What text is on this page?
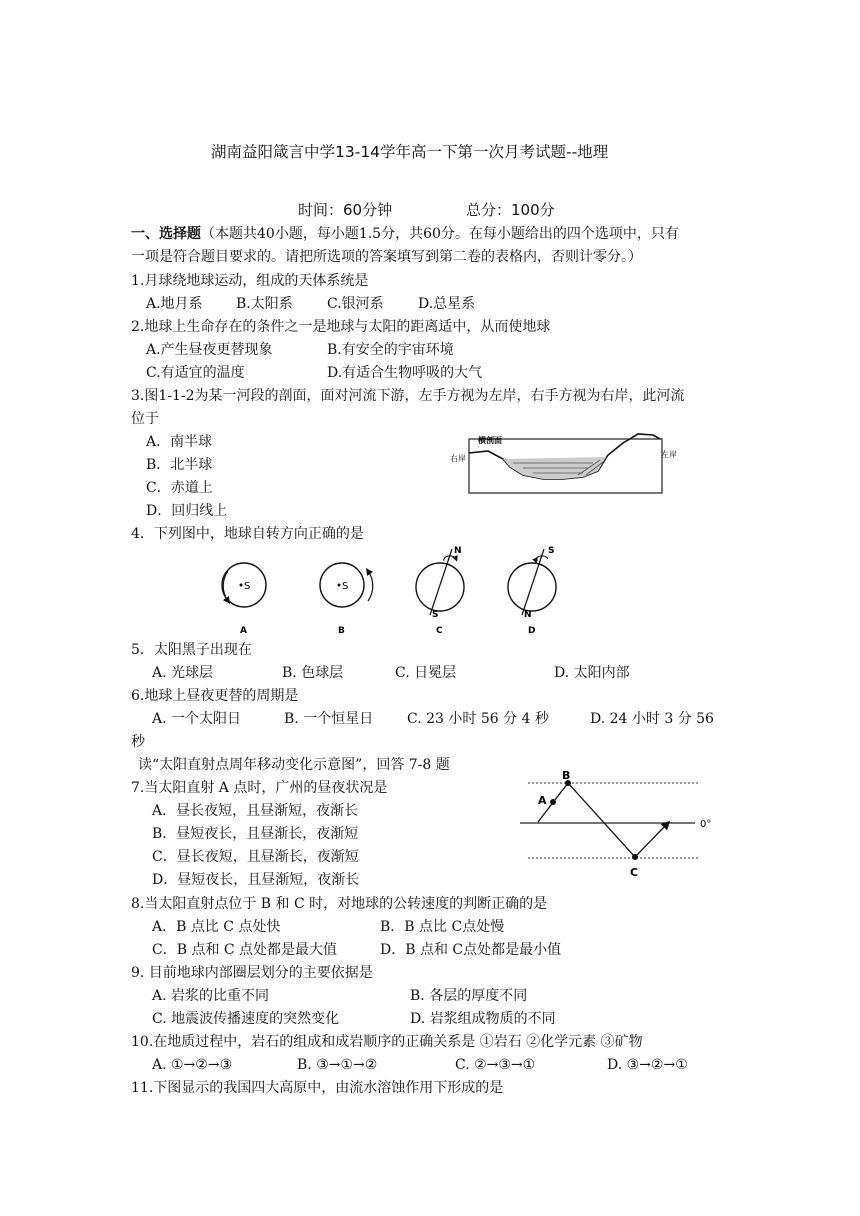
湖南益阳箴言中学13-14学年高一下第一次月考试题--地理
时间：60分钟	总分：100分
一、选择题（本题共40小题，每小题1.5分，共60分。在每小题给出的四个选项中，只有
一项是符合题目要求的。请把所选项的答案填写到第二卷的表格内，否则计零分。）
1.月球绕地球运动，组成的天体系统是
A.地月系 B.太阳系 C.银河系 D.总星系
2.地球上生命存在的条件之一是地球与太阳的距离适中，从而使地球
A.产生昼夜更替现象	B.有安全的宇宙环境
C.有适宜的温度	D.有适合生物呼吸的大气
3.图1-1-2为某一河段的剖面，面对河流下游，左手方视为左岸，右手方视为右岸，此河流
位于
A．南半球
B．北半球
C．赤道上
D．回归线上
横剖面
右岸	左岸
4．下列图中，地球自转方向正确的是
S
A
S
B
N
S
C
S
N
D
5．太阳黑子出现在
A. 光球层	B. 色球层	C. 日冕层	D. 太阳内部
6.地球上昼夜更替的周期是
A. 一个太阳日	B. 一个恒星日 C. 23 小时 56 分 4 秒	D. 24 小时 3 分 56
秒
读“太阳直射点周年移动变化示意图”，回答 7-8 题
7.当太阳直射 A 点时，广州的昼夜状况是
A．昼长夜短，且昼渐短，夜渐长
B．昼短夜长，且昼渐长，夜渐短
C．昼长夜短，且昼渐长，夜渐短
D．昼短夜长，且昼渐短，夜渐长
A
B
C
0°
8.当太阳直射点位于 B 和 C 时，对地球的公转速度的判断正确的是
A．B 点比 C 点处快	B．B 点比 C点处慢
C．B 点和 C 点处都是最大值	D．B 点和 C点处都是最小值
9. 目前地球内部圈层划分的主要依据是
A. 岩浆的比重不同	B. 各层的厚度不同
C. 地震波传播速度的突然变化	D. 岩浆组成物质的不同
10.在地质过程中，岩石的组成和成岩顺序的正确关系是 ①岩石 ②化学元素 ③矿物
A. ①→②→③	B. ③→①→②	C. ②→③→①	D. ③→②→①
11.下图显示的我国四大高原中，由流水溶蚀作用下形成的是
